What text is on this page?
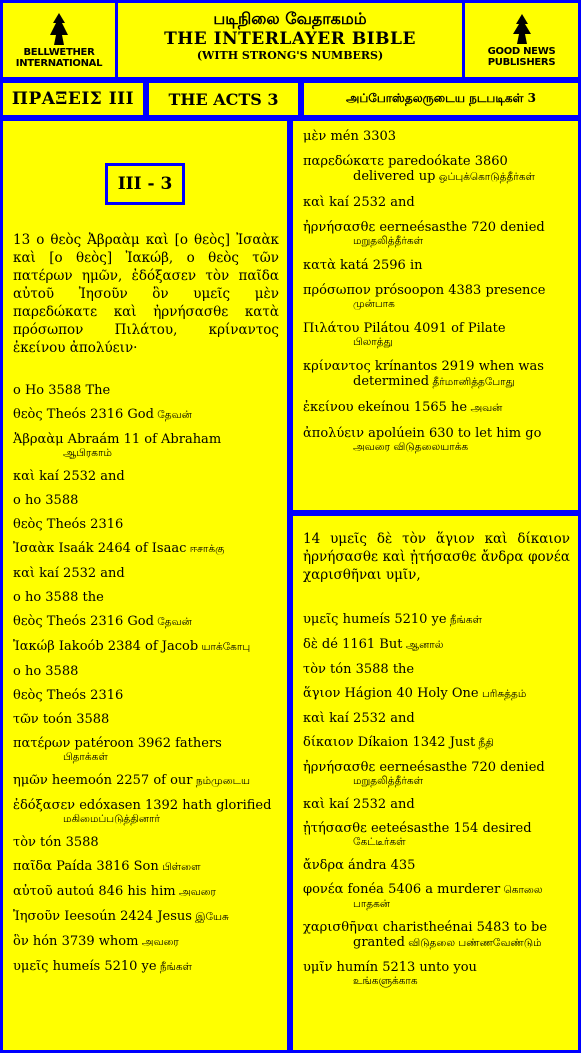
BELLWETHER
INTERNATIONAL
படிநிலை வேதாகமம்
THE INTERLAYER BIBLE
(WITH STRONG'S NUMBERS)	GOOD NEWS
PUBLISHERS
ΠΡΑΞΕΙΣ III THE ACTS 3	அப்போஸ்தலருடைய நடபடிகள் 3
III - 3
13 ο θεὸς Ἀβραὰμ καὶ [ο θεὸς] Ἰσαὰκ καὶ [ο θεὸς] Ἰακώβ, ο θεὸς τῶν πατέρων ημῶν, ἐδόξασεν τὸν παῖδα αὐτοῦ Ἰησοῦν ὃν υμεῖς μὲν παρεδώκατε καὶ ἠρνήσασθε κατὰ πρόσωπον Πιλάτου, κρίναντος ἐκείνου ἀπολύειν·
ο Ho 3588 The
θεὸς Theós 2316 God தேவன்
Ἀβραὰμ Abraám 11 of Abraham
ஆபிரகாம்
καὶ kaí 2532 and
ο ho 3588
θεὸς Theós 2316
Ἰσαὰκ Isaák 2464 of Isaac ஈசாக்கு
καὶ kaí 2532 and
ο ho 3588 the
θεὸς Theós 2316 God தேவன்
Ἰακώβ Iakoób 2384 of Jacob யாக்கோபு
ο ho 3588
θεὸς Theós 2316
τῶν toón 3588
πατέρων patéroon 3962 fathers
பிதாக்கள்
ημῶν heemoón 2257 of our நம்முடைய
ἐδόξασεν edóxasen 1392 hath glorified
மகிமைப்படுத்தினார்
τὸν tón 3588
παῖδα Paída 3816 Son பிள்ளை
αὐτοῦ autoú 846 his him அவரை
Ἰησοῦν Ieesoún 2424 Jesus இயேசு
ὃν hón 3739 whom அவரை
υμεῖς humeís 5210 ye நீங்கள்
μὲν mén 3303
παρεδώκατε paredoókate 3860
delivered up ஒப்புக்கொடுத்தீர்கள்
καὶ kaí 2532 and
ἠρνήσασθε eerneésasthe 720 denied
மறுதலித்தீர்கள்
κατὰ katá 2596 in
πρόσωπον prósoopon 4383 presence
முன்பாக
Πιλάτου Pilátou 4091 of Pilate
பிலாத்து
κρίναντος krínantos 2919 when was
determined தீர்மானித்தபோது
ἐκείνου ekeínou 1565 he அவன்
ἀπολύειν apolúein 630 to let him go
அவரை விடுதலையாக்க
14 υμεῖς δὲ τὸν ἅγιον καὶ δίκαιον ἠρνήσασθε καὶ ᾐτήσασθε ἄνδρα φονέα χαρισθῆναι υμῖν,
υμεῖς humeís 5210 ye நீங்கள்
δὲ dé 1161 But ஆனால்
τὸν tón 3588 the
ἅγιον Hágion 40 Holy One பரிசுத்தம்
καὶ kaí 2532 and
δίκαιον Díkaion 1342 Just நீதி
ἠρνήσασθε eerneésasthe 720 denied
மறுதலித்தீர்கள்
καὶ kaí 2532 and
ᾐτήσασθε eeteésasthe 154 desired
கேட்டீர்கள்
ἄνδρα ándra 435
φονέα fonéa 5406 a murderer கொலை
பாதகன்
χαρισθῆναι charistheénai 5483 to be
granted விடுதலை பண்ணவேண்டும்
υμῖν humín 5213 unto you
உங்களுக்காக
